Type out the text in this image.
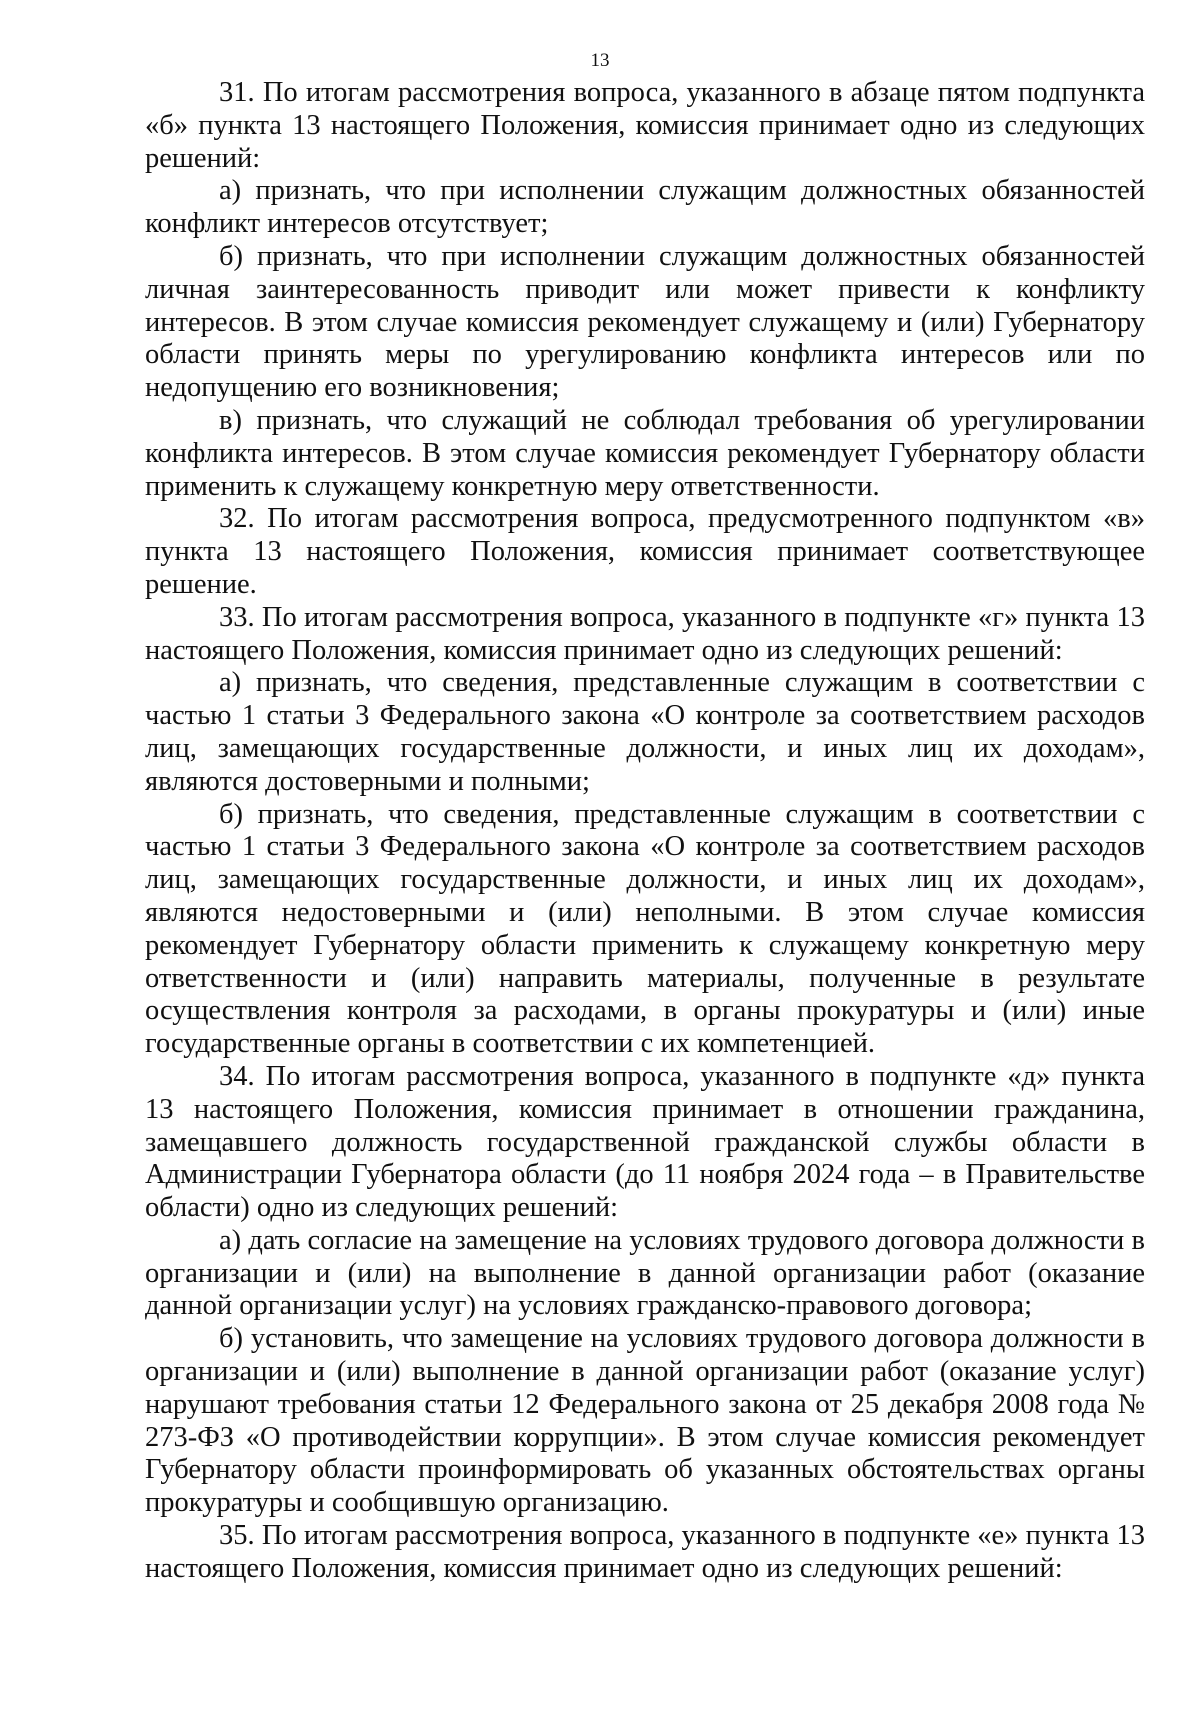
13

31. По итогам рассмотрения вопроса, указанного в абзаце пятом подпункта «б» пункта 13 настоящего Положения, комиссия принимает одно из следующих решений:

а) признать, что при исполнении служащим должностных обязанностей конфликт интересов отсутствует;

б) признать, что при исполнении служащим должностных обязанностей личная заинтересованность приводит или может привести к конфликту интересов. В этом случае комиссия рекомендует служащему и (или) Губернатору области принять меры по урегулированию конфликта интересов или по недопущению его возникновения;

в) признать, что служащий не соблюдал требования об урегулировании конфликта интересов. В этом случае комиссия рекомендует Губернатору области применить к служащему конкретную меру ответственности.

32. По итогам рассмотрения вопроса, предусмотренного подпунктом «в» пункта 13 настоящего Положения, комиссия принимает соответствующее решение.

33. По итогам рассмотрения вопроса, указанного в подпункте «г» пункта 13 настоящего Положения, комиссия принимает одно из следующих решений:

а) признать, что сведения, представленные служащим в соответствии с частью 1 статьи 3 Федерального закона «О контроле за соответствием расходов лиц, замещающих государственные должности, и иных лиц их доходам», являются достоверными и полными;

б) признать, что сведения, представленные служащим в соответствии с частью 1 статьи 3 Федерального закона «О контроле за соответствием расходов лиц, замещающих государственные должности, и иных лиц их доходам», являются недостоверными и (или) неполными. В этом случае комиссия рекомендует Губернатору области применить к служащему конкретную меру ответственности и (или) направить материалы, полученные в результате осуществления контроля за расходами, в органы прокуратуры и (или) иные государственные органы в соответствии с их компетенцией.

34. По итогам рассмотрения вопроса, указанного в подпункте «д» пункта 13 настоящего Положения, комиссия принимает в отношении гражданина, замещавшего должность государственной гражданской службы области в Администрации Губернатора области (до 11 ноября 2024 года – в Правительстве области) одно из следующих решений:

а) дать согласие на замещение на условиях трудового договора должности в организации и (или) на выполнение в данной организации работ (оказание данной организации услуг) на условиях гражданско-правового договора;

б) установить, что замещение на условиях трудового договора должности в организации и (или) выполнение в данной организации работ (оказание услуг) нарушают требования статьи 12 Федерального закона от 25 декабря 2008 года № 273-ФЗ «О противодействии коррупции». В этом случае комиссия рекомендует Губернатору области проинформировать об указанных обстоятельствах органы прокуратуры и сообщившую организацию.

35. По итогам рассмотрения вопроса, указанного в подпункте «е» пункта 13 настоящего Положения, комиссия принимает одно из следующих решений:
